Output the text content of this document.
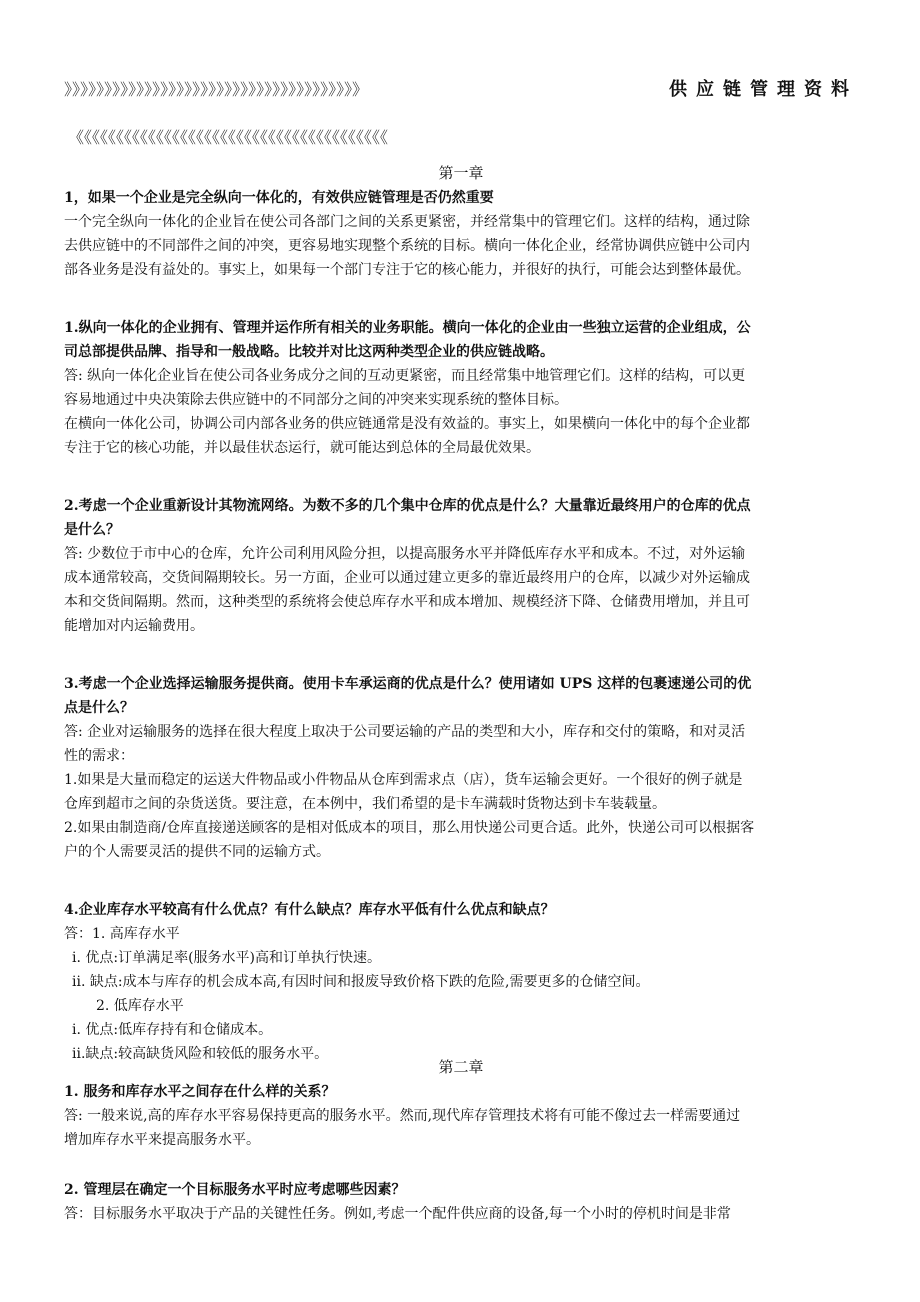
》》》》》》》》》》》》》》》》》》》》》》》》》》》》》》》》》》》》》	供应链管理资料
《《《《《《《《《《《《《《《《《《《《《《《《《《《《《《《《《《《《《《《
第一章
1，如果一个企业是完全纵向一体化的，有效供应链管理是否仍然重要
一个完全纵向一体化的企业旨在使公司各部门之间的关系更紧密，并经常集中的管理它们。这样的结构，通过除
去供应链中的不同部件之间的冲突，更容易地实现整个系统的目标。横向一体化企业，经常协调供应链中公司内
部各业务是没有益处的。事实上，如果每一个部门专注于它的核心能力，并很好的执行，可能会达到整体最优。
1.纵向一体化的企业拥有、管理并运作所有相关的业务职能。横向一体化的企业由一些独立运营的企业组成，公
司总部提供品牌、指导和一般战略。比较并对比这两种类型企业的供应链战略。
答: 纵向一体化企业旨在使公司各业务成分之间的互动更紧密，而且经常集中地管理它们。这样的结构，可以更
容易地通过中央决策除去供应链中的不同部分之间的冲突来实现系统的整体目标。
在横向一体化公司，协调公司内部各业务的供应链通常是没有效益的。事实上，如果横向一体化中的每个企业都
专注于它的核心功能，并以最佳状态运行，就可能达到总体的全局最优效果。
2.考虑一个企业重新设计其物流网络。为数不多的几个集中仓库的优点是什么？大量靠近最终用户的仓库的优点
是什么？
答: 少数位于市中心的仓库，允许公司利用风险分担，以提高服务水平并降低库存水平和成本。不过，对外运输
成本通常较高，交货间隔期较长。另一方面，企业可以通过建立更多的靠近最终用户的仓库，以减少对外运输成
本和交货间隔期。然而，这种类型的系统将会使总库存水平和成本增加、规模经济下降、仓储费用增加，并且可
能增加对内运输费用。
3.考虑一个企业选择运输服务提供商。使用卡车承运商的优点是什么？使用诸如 UPS 这样的包裹速递公司的优
点是什么？
答: 企业对运输服务的选择在很大程度上取决于公司要运输的产品的类型和大小，库存和交付的策略，和对灵活
性的需求：
1.如果是大量而稳定的运送大件物品或小件物品从仓库到需求点（店），货车运输会更好。一个很好的例子就是
仓库到超市之间的杂货送货。要注意，在本例中，我们希望的是卡车满载时货物达到卡车装载量。
2.如果由制造商/仓库直接递送顾客的是相对低成本的项目，那么用快递公司更合适。此外，快递公司可以根据客
户的个人需要灵活的提供不同的运输方式。
4.企业库存水平较高有什么优点？有什么缺点？库存水平低有什么优点和缺点？
答：1. 高库存水平
i. 优点:订单满足率(服务水平)高和订单执行快速。
ii. 缺点:成本与库存的机会成本高,有因时间和报废导致价格下跌的危险,需要更多的仓储空间。
2. 低库存水平
i. 优点:低库存持有和仓储成本。
ii.缺点:较高缺货风险和较低的服务水平。
第二章
1. 服务和库存水平之间存在什么样的关系？
答: 一般来说,高的库存水平容易保持更高的服务水平。然而,现代库存管理技术将有可能不像过去一样需要通过
增加库存水平来提高服务水平。
2. 管理层在确定一个目标服务水平时应考虑哪些因素？
答：目标服务水平取决于产品的关键性任务。例如,考虑一个配件供应商的设备,每一个小时的停机时间是非常
